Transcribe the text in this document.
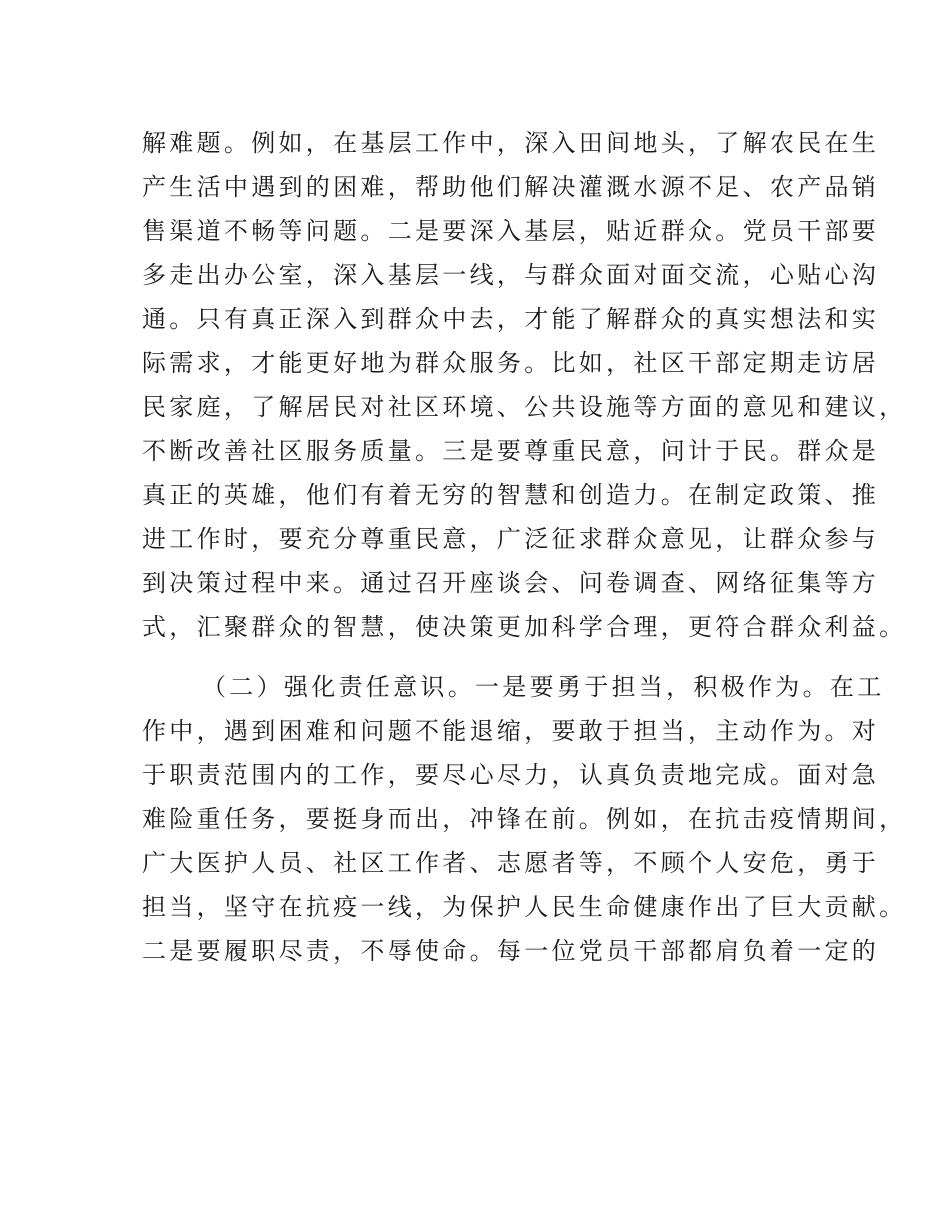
解难题。例如，在基层工作中，深入田间地头，了解农民在生
产生活中遇到的困难，帮助他们解决灌溉水源不足、农产品销
售渠道不畅等问题。二是要深入基层，贴近群众。党员干部要
多走出办公室，深入基层一线，与群众面对面交流，心贴心沟
通。只有真正深入到群众中去，才能了解群众的真实想法和实
际需求，才能更好地为群众服务。比如，社区干部定期走访居
民家庭，了解居民对社区环境、公共设施等方面的意见和建议，
不断改善社区服务质量。三是要尊重民意，问计于民。群众是
真正的英雄，他们有着无穷的智慧和创造力。在制定政策、推
进工作时，要充分尊重民意，广泛征求群众意见，让群众参与
到决策过程中来。通过召开座谈会、问卷调查、网络征集等方
式，汇聚群众的智慧，使决策更加科学合理，更符合群众利益。
（二）强化责任意识。一是要勇于担当，积极作为。在工
作中，遇到困难和问题不能退缩，要敢于担当，主动作为。对
于职责范围内的工作，要尽心尽力，认真负责地完成。面对急
难险重任务，要挺身而出，冲锋在前。例如，在抗击疫情期间，
广大医护人员、社区工作者、志愿者等，不顾个人安危，勇于
担当，坚守在抗疫一线，为保护人民生命健康作出了巨大贡献。
二是要履职尽责，不辱使命。每一位党员干部都肩负着一定的
